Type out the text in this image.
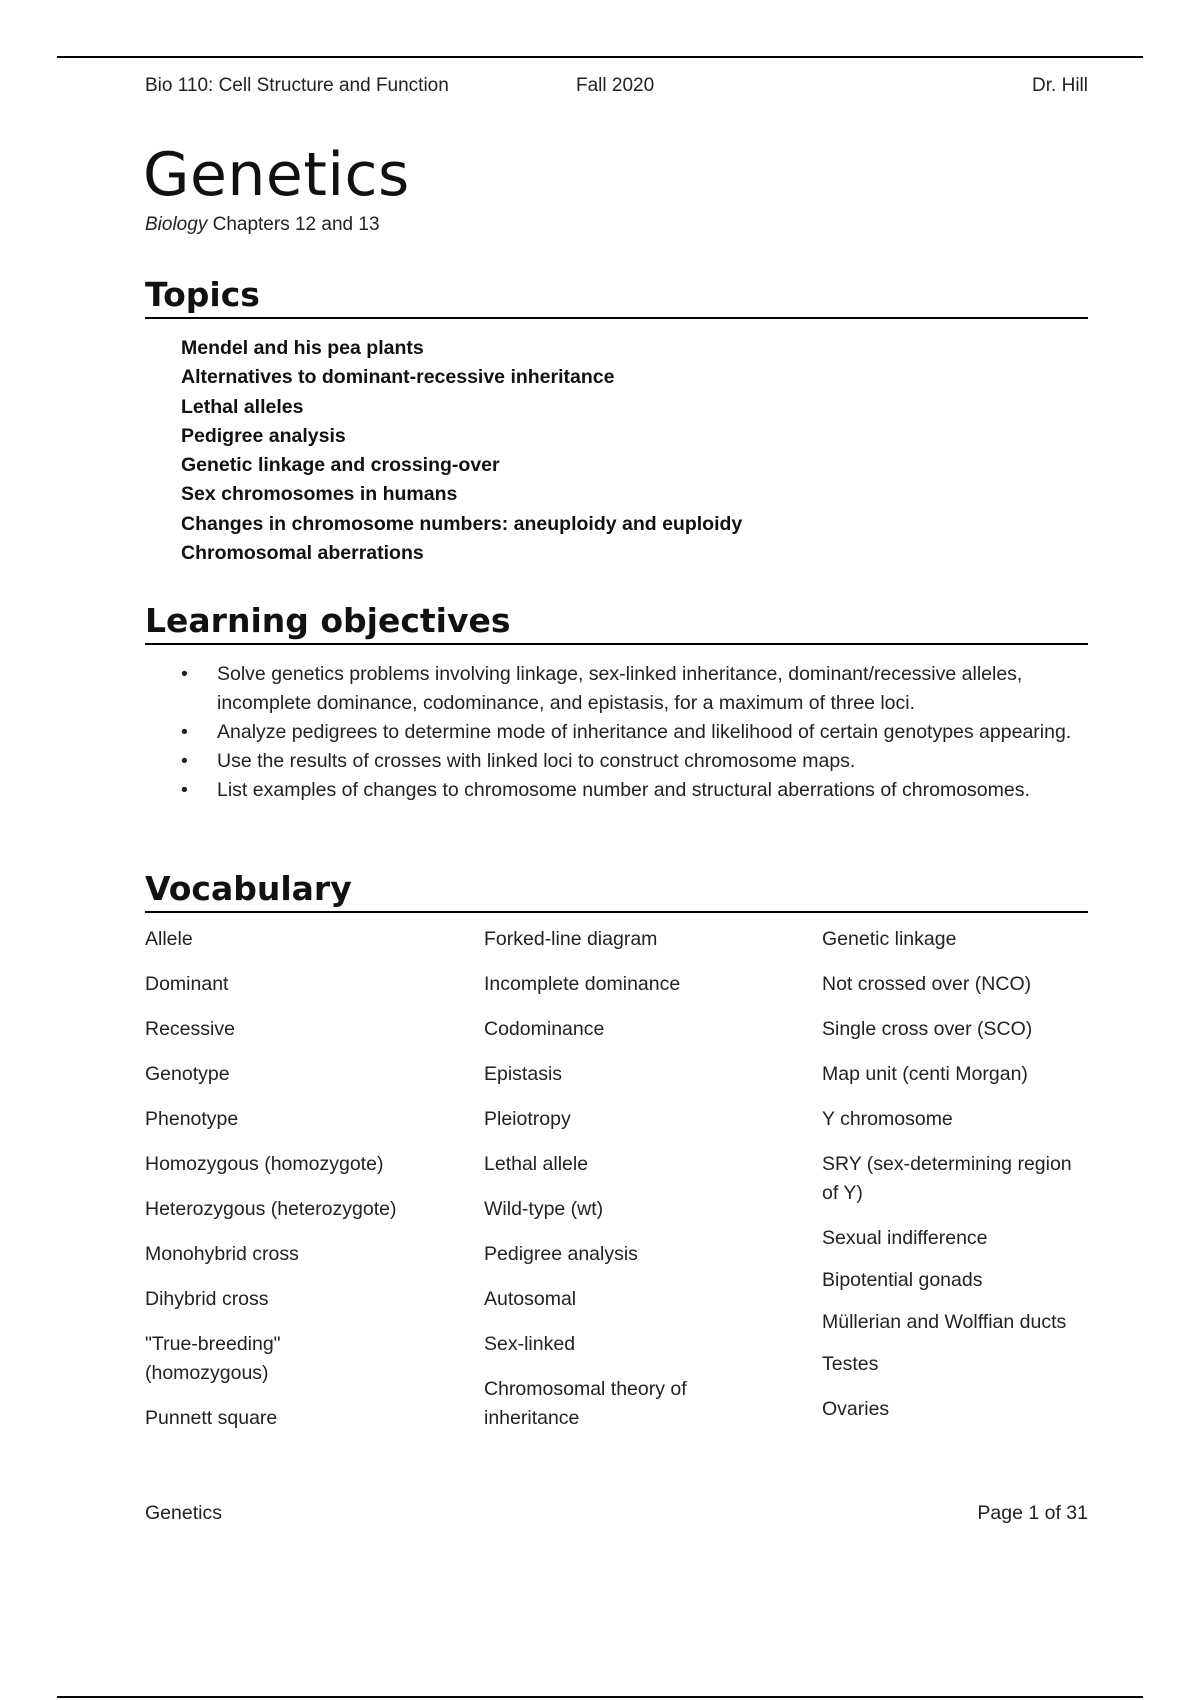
Bio 110: Cell Structure and Function	Fall 2020	Dr. Hill
Genetics
Biology Chapters 12 and 13
Topics
Mendel and his pea plants
Alternatives to dominant-recessive inheritance
Lethal alleles
Pedigree analysis
Genetic linkage and crossing-over
Sex chromosomes in humans
Changes in chromosome numbers: aneuploidy and euploidy
Chromosomal aberrations
Learning objectives
• Solve genetics problems involving linkage, sex-linked inheritance, dominant/recessive alleles, incomplete dominance, codominance, and epistasis, for a maximum of three loci.
• Analyze pedigrees to determine mode of inheritance and likelihood of certain genotypes appearing.
• Use the results of crosses with linked loci to construct chromosome maps.
• List examples of changes to chromosome number and structural aberrations of chromosomes.
Vocabulary
Allele
Dominant
Recessive
Genotype
Phenotype
Homozygous (homozygote)
Heterozygous (heterozygote)
Monohybrid cross
Dihybrid cross
"True-breeding" (homozygous)
Punnett square
Forked-line diagram
Incomplete dominance
Codominance
Epistasis
Pleiotropy
Lethal allele
Wild-type (wt)
Pedigree analysis
Autosomal
Sex-linked
Chromosomal theory of inheritance
Genetic linkage
Not crossed over (NCO)
Single cross over (SCO)
Map unit (centi Morgan)
Y chromosome
SRY (sex-determining region of Y)
Sexual indifference
Bipotential gonads
Müllerian and Wolffian ducts
Testes
Ovaries
Genetics	Page 1 of 31
